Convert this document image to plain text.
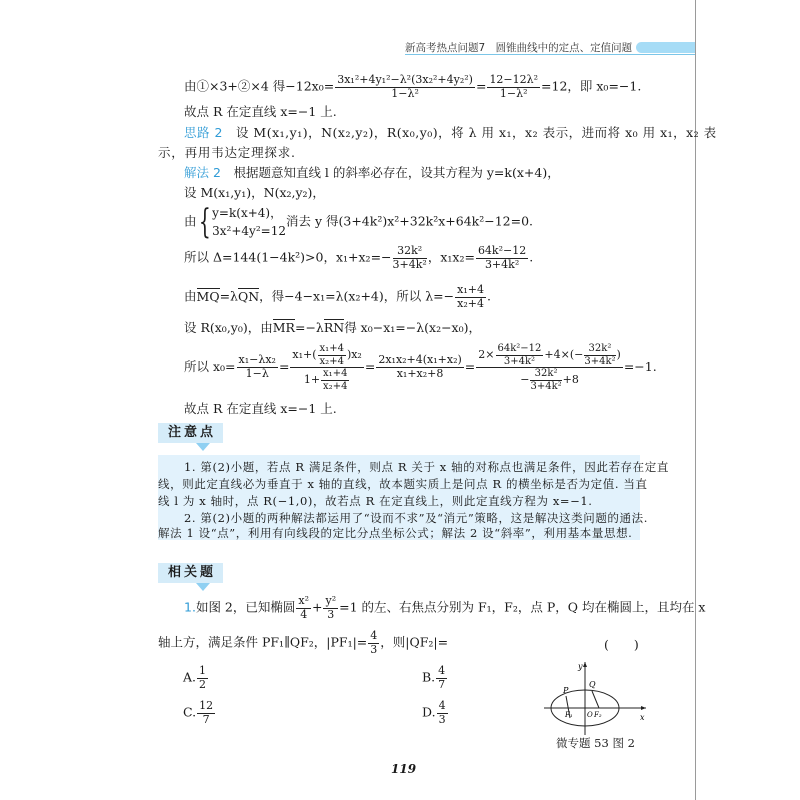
新高考热点问题7　圆锥曲线中的定点、定值问题
由①×3+②×4 得$-12x_0= \frac{\text{3x₁²+4y₁²−λ²(3x₂²+4y₂²)}}{\text{1−λ²}} = \frac{\text{12−12λ²}}{\text{1−λ²}} =12$，即 x₀=−1.
故点 R 在定直线 x=−1 上.
思路 2　 设 M(x₁,y₁)，N(x₂,y₂)，R(x₀,y₀)，将 λ 用 x₁，x₂ 表示，进而将 x₀ 用 x₁，x₂ 表
示，再用韦达定理探求.
解法 2　 根据题意知直线 l 的斜率必存在，设其方程为 y=k(x+4)，
设 M(x₁,y₁)，N(x₂,y₂)，
由 { y=k(x+4)，
3x²+4y²=12
消去 y 得(3+4k²)x²+32k²x+64k²−12=0.
所以 Δ=144(1−4k²)>0，$x_1+x_2=- \frac{\text{32k²}}{\text{3+4k²}}$ ，$x_1x_2= \frac{\text{64k²−12}}{\text{3+4k²}}$ .
由MQ=λQN，得−4−x₁=λ(x₂+4)，所以 $\lambda=- \frac{\text{x₁+4}}{\text{x₂+4}}$ .
设 R(x₀,y₀)，由MR=−λRN得 x₀−x₁=−λ(x₂−x₀)，
所以 $x_0= \frac{\text{x₁−λx₂}}{1-\lambda} = \frac{x_1+( \frac{\text{x₁+4}}{\text{x₂+4}} )x_2}{1+ \frac{\text{x₁+4}}{\text{x₂+4}}} = \frac{\text{2x₁x₂+4(x₁+x₂)}}{\text{x₁+x₂+8}} = \frac{2\times \frac{\text{64k²−12}}{\text{3+4k²}} +4\times(- \frac{\text{32k²}}{\text{3+4k²}} )}{- \frac{\text{32k²}}{\text{3+4k²}} +8} =-1$.
故点 R 在定直线 x=−1 上.
注意点
1. 第(2)小题，若点 R 满足条件，则点 R 关于 x 轴的对称点也满足条件，因此若存在定直
线，则此定直线必为垂直于 x 轴的直线，故本题实质上是问点 R 的横坐标是否为定值. 当直
线 l 为 x 轴时，点 R(−1,0)，故若点 R 在定直线上，则此定直线方程为 x=−1.
2. 第(2)小题的两种解法都运用了“设而不求”及“消元”策略，这是解决这类问题的通法.
解法 1 设“点”，利用有向线段的定比分点坐标公式；解法 2 设“斜率”，利用基本量思想.
相关题
1.如图 2，已知椭圆 $\frac{\text{x²}}{4} + \frac{\text{y²}}{3} =1$ 的左、右焦点分别为 F₁，F₂，点 P，Q 均在椭圆上，且均在 x
轴上方，满足条件 PF₁∥QF₂，$|PF_1|= \frac{4}{3}$ ，则|QF₂|=	(　　)
A. $\frac{1}{2}$	B. $\frac{4}{7}$
C. $\frac{12}{7}$	D. $\frac{4}{3}$
y
x
P
Q
F₁ O F₂
微专题 53 图 2
119
